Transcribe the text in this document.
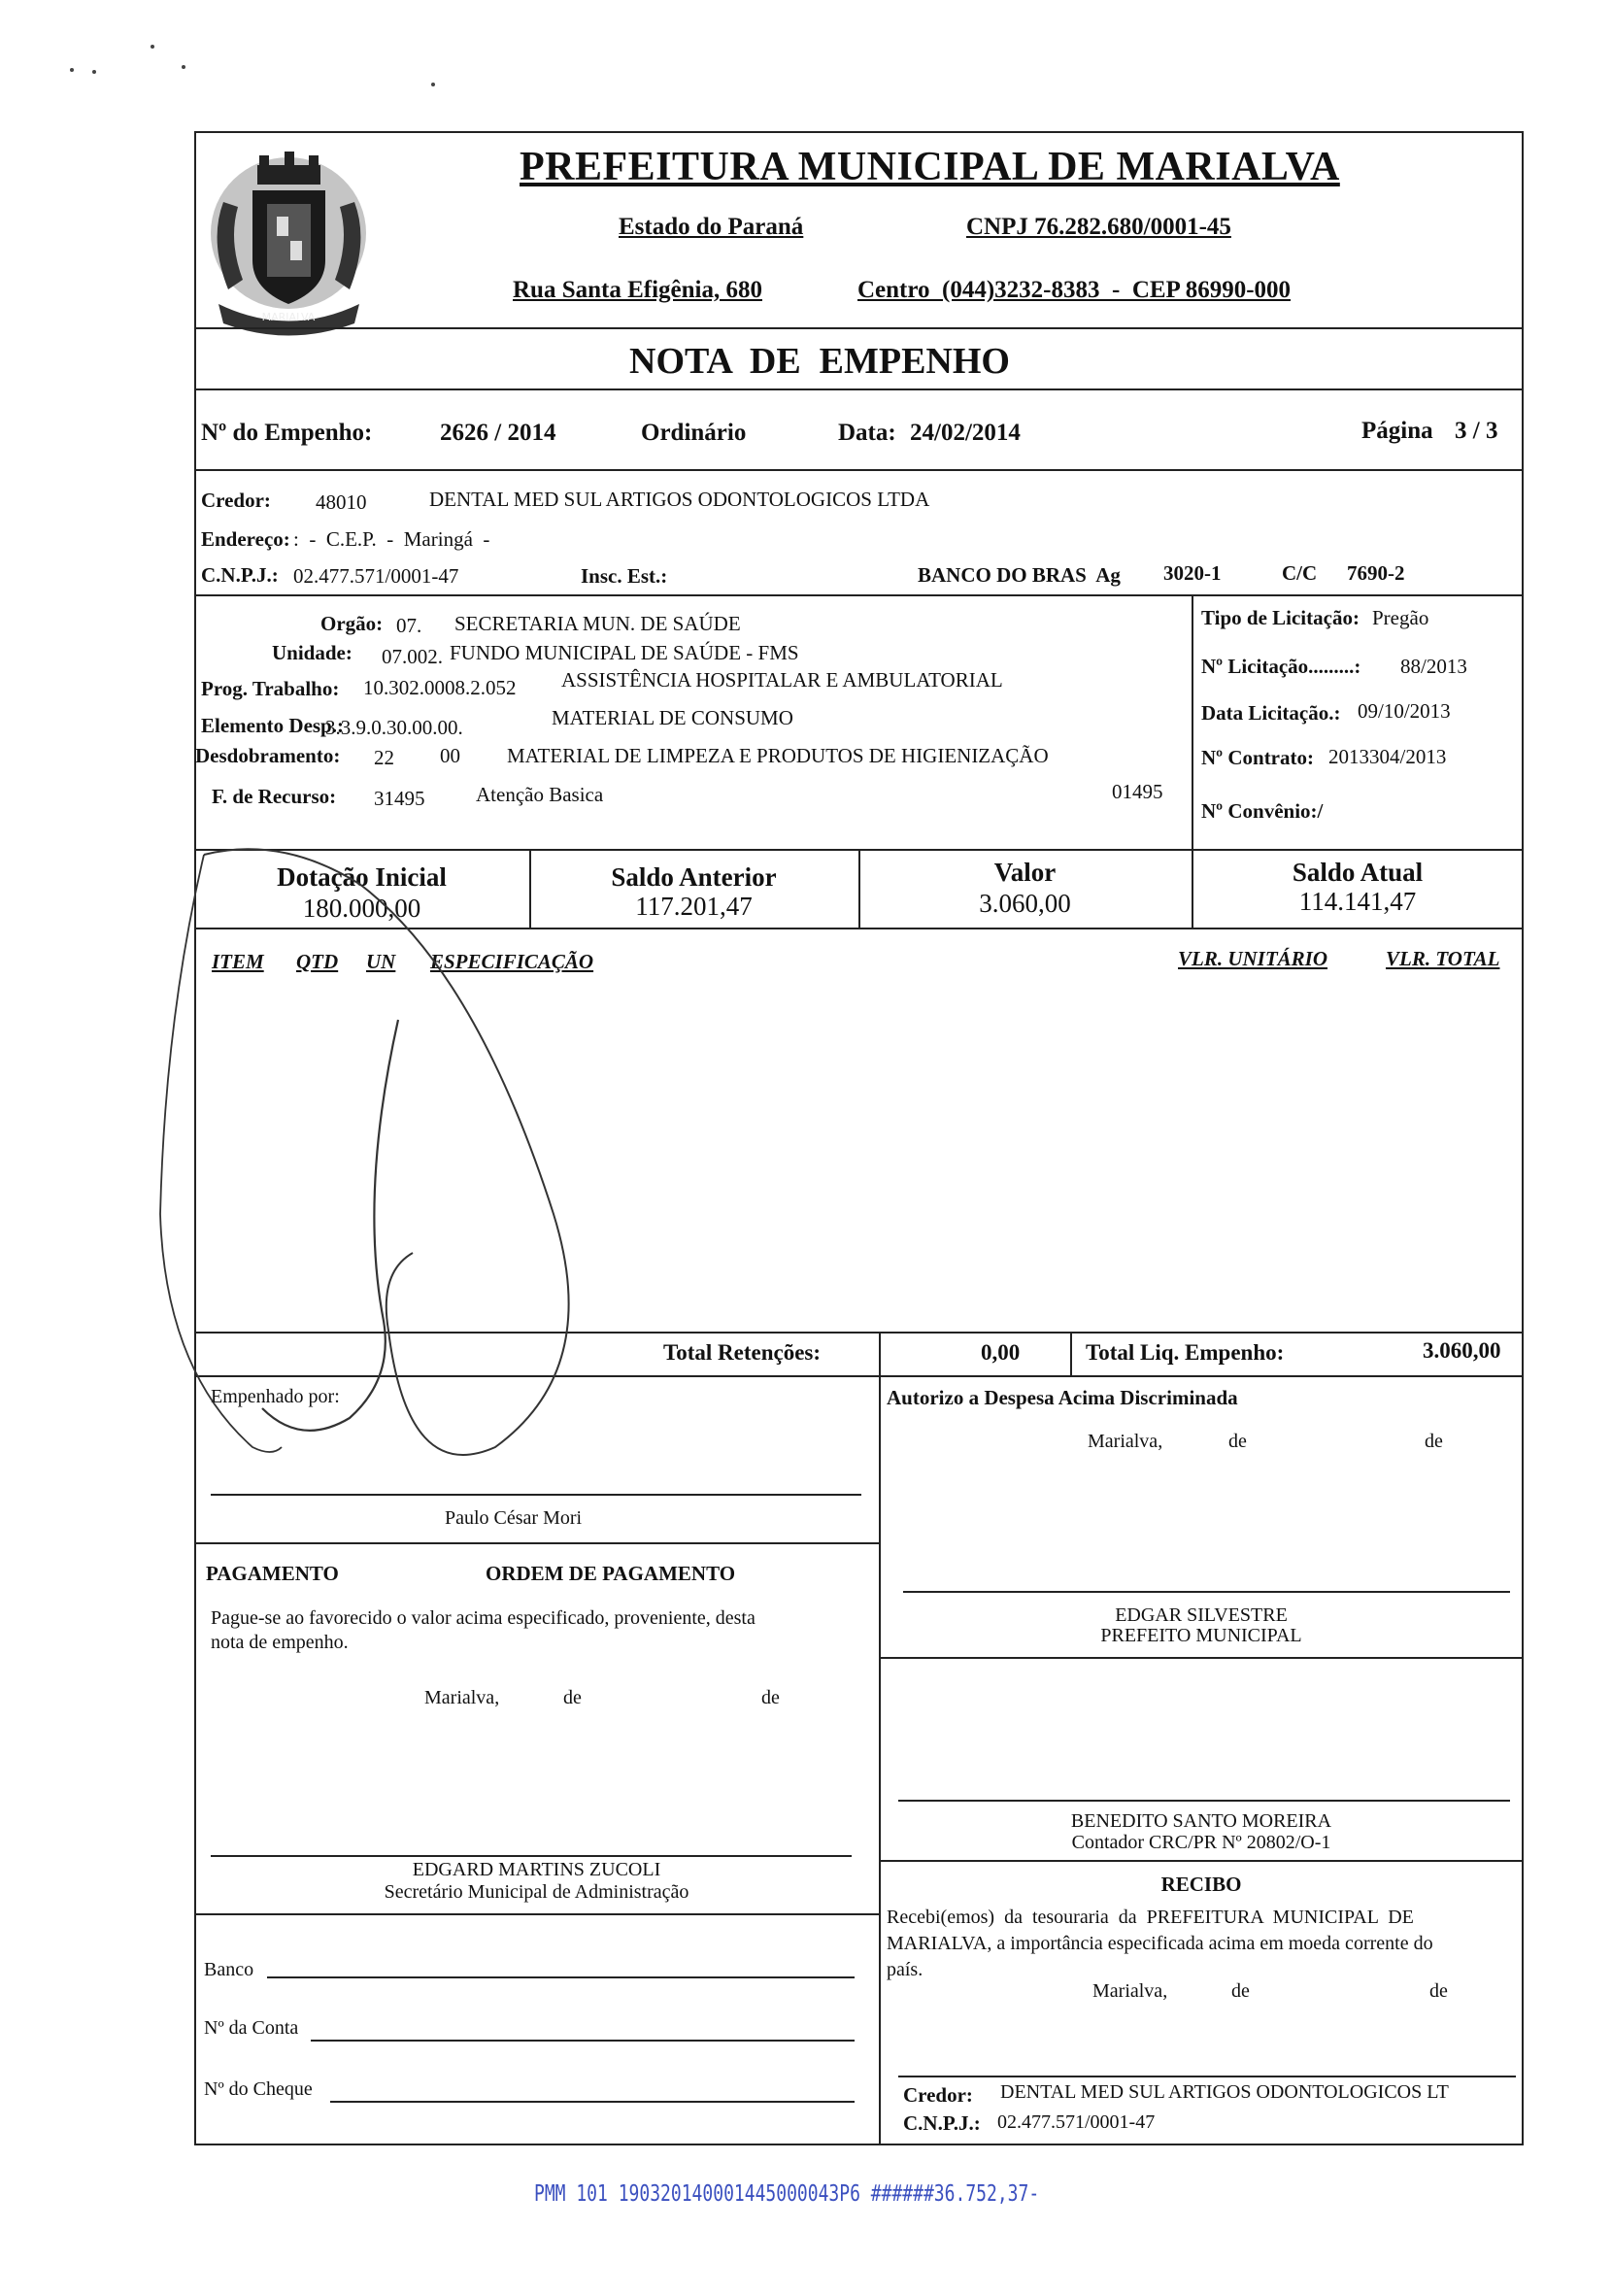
MARIALVA
PREFEITURA MUNICIPAL DE MARIALVA
Estado do Paraná	CNPJ 76.282.680/0001-45
Rua Santa Efigênia, 680	Centro  (044)3232-8383  -  CEP 86990-000
NOTA  DE  EMPENHO
Nº do Empenho:	2626 / 2014	Ordinário	Data: 24/02/2014	Página 3 / 3
Credor: 48010	DENTAL MED SUL ARTIGOS ODONTOLOGICOS LTDA
Endereço: :  -  C.E.P.  -  Maringá  -
C.N.P.J.: 02.477.571/0001-47	Insc. Est.:	BANCO DO BRAS  Ag 3020-1	C/C 7690-2
Orgão: 07. SECRETARIA MUN. DE SAÚDE
Unidade: 07.002. FUNDO MUNICIPAL DE SAÚDE - FMS
Prog. Trabalho: 10.302.0008.2.052 ASSISTÊNCIA HOSPITALAR E AMBULATORIAL
Elemento Desp.:
3.3.9.0.30.00.00.	MATERIAL DE CONSUMO
Desdobramento: 22 00 MATERIAL DE LIMPEZA E PRODUTOS DE HIGIENIZAÇÃO
F. de Recurso: 31495	Atenção Basica	01495
Tipo de Licitação: Pregão
Nº Licitação.........: 88/2013
Data Licitação.: 09/10/2013
Nº Contrato: 2013304/2013
Nº Convênio:/
Dotação Inicial
180.000,00
Saldo Anterior
117.201,47
Valor
3.060,00
Saldo Atual
114.141,47
ITEM QTD UN ESPECIFICAÇÃO	VLR. UNITÁRIO	VLR. TOTAL
Total Retenções:	0,00	Total Liq. Empenho:	3.060,00
Empenhado por:
Paulo César Mori
Autorizo a Despesa Acima Discriminada
Marialva,	de	de
EDGAR SILVESTRE
PREFEITO MUNICIPAL
BENEDITO SANTO MOREIRA
Contador CRC/PR Nº 20802/O-1
RECIBO
Recebi(emos)  da  tesouraria  da  PREFEITURA  MUNICIPAL  DE
MARIALVA, a importância especificada acima em moeda corrente do
país.
Marialva,	de	de
Credor: DENTAL MED SUL ARTIGOS ODONTOLOGICOS LT
C.N.P.J.: 02.477.571/0001-47
PAGAMENTO	ORDEM DE PAGAMENTO
Pague-se ao favorecido o valor acima especificado, proveniente, desta
nota de empenho.
Marialva,	de	de
EDGARD MARTINS ZUCOLI
Secretário Municipal de Administração
Banco
Nº da Conta
Nº do Cheque
PMM 101 190320140001445000043P6 ######36.752,37-
